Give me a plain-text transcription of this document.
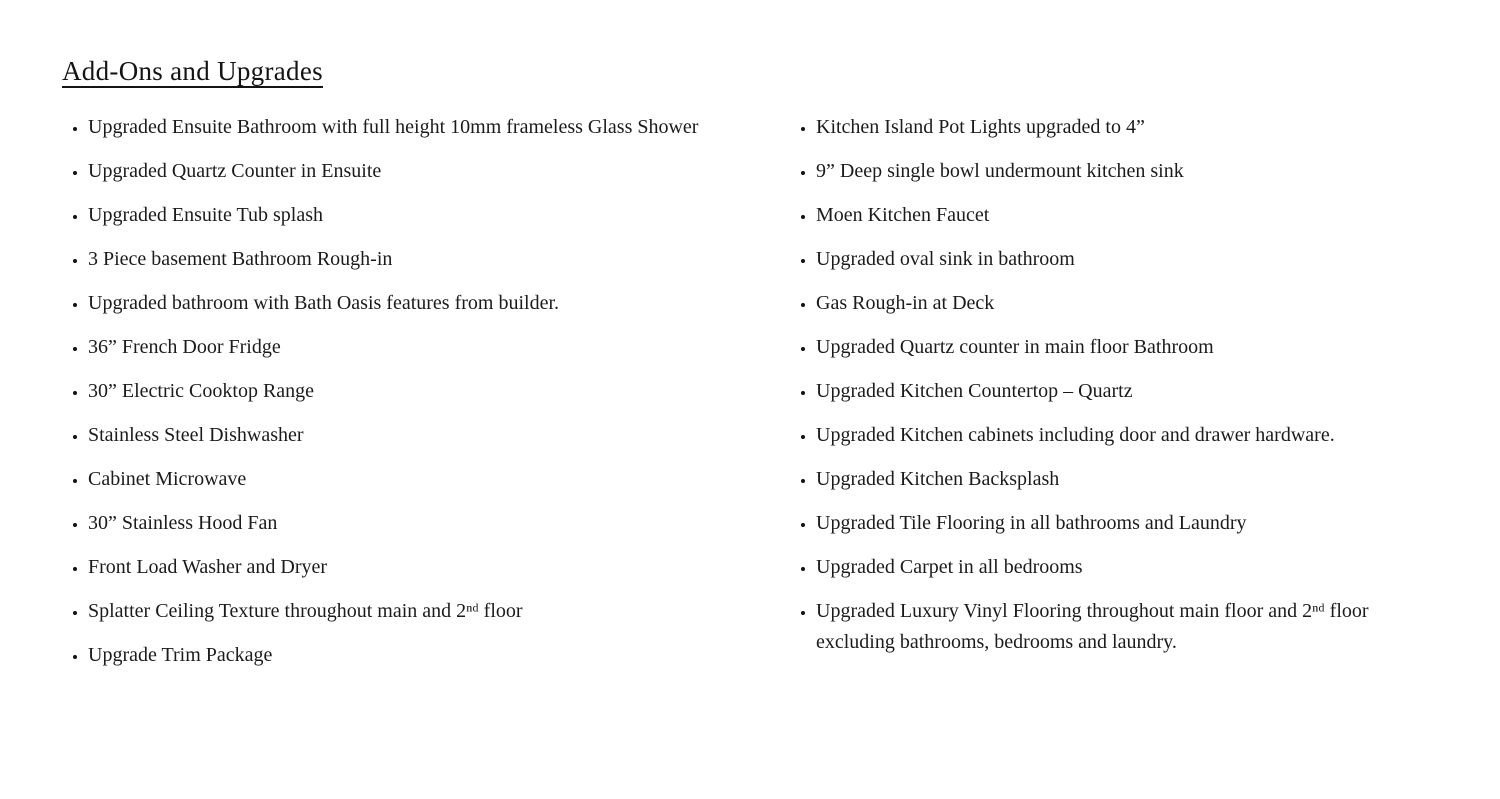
Add-Ons and Upgrades
• Upgraded Ensuite Bathroom with full height 10mm frameless Glass Shower
• Upgraded Quartz Counter in Ensuite
• Upgraded Ensuite Tub splash
• 3 Piece basement Bathroom Rough-in
• Upgraded bathroom with Bath Oasis features from builder.
• 36” French Door Fridge
• 30” Electric Cooktop Range
• Stainless Steel Dishwasher
• Cabinet Microwave
• 30” Stainless Hood Fan
• Front Load Washer and Dryer
• Splatter Ceiling Texture throughout main and 2ⁿᵈ floor
• Upgrade Trim Package
• Kitchen Island Pot Lights upgraded to 4”
• 9” Deep single bowl undermount kitchen sink
• Moen Kitchen Faucet
• Upgraded oval sink in bathroom
• Gas Rough-in at Deck
• Upgraded Quartz counter in main floor Bathroom
• Upgraded Kitchen Countertop – Quartz
• Upgraded Kitchen cabinets including door and drawer hardware.
• Upgraded Kitchen Backsplash
• Upgraded Tile Flooring in all bathrooms and Laundry
• Upgraded Carpet in all bedrooms
• Upgraded Luxury Vinyl Flooring throughout main floor and 2ⁿᵈ floor excluding bathrooms, bedrooms and laundry.
